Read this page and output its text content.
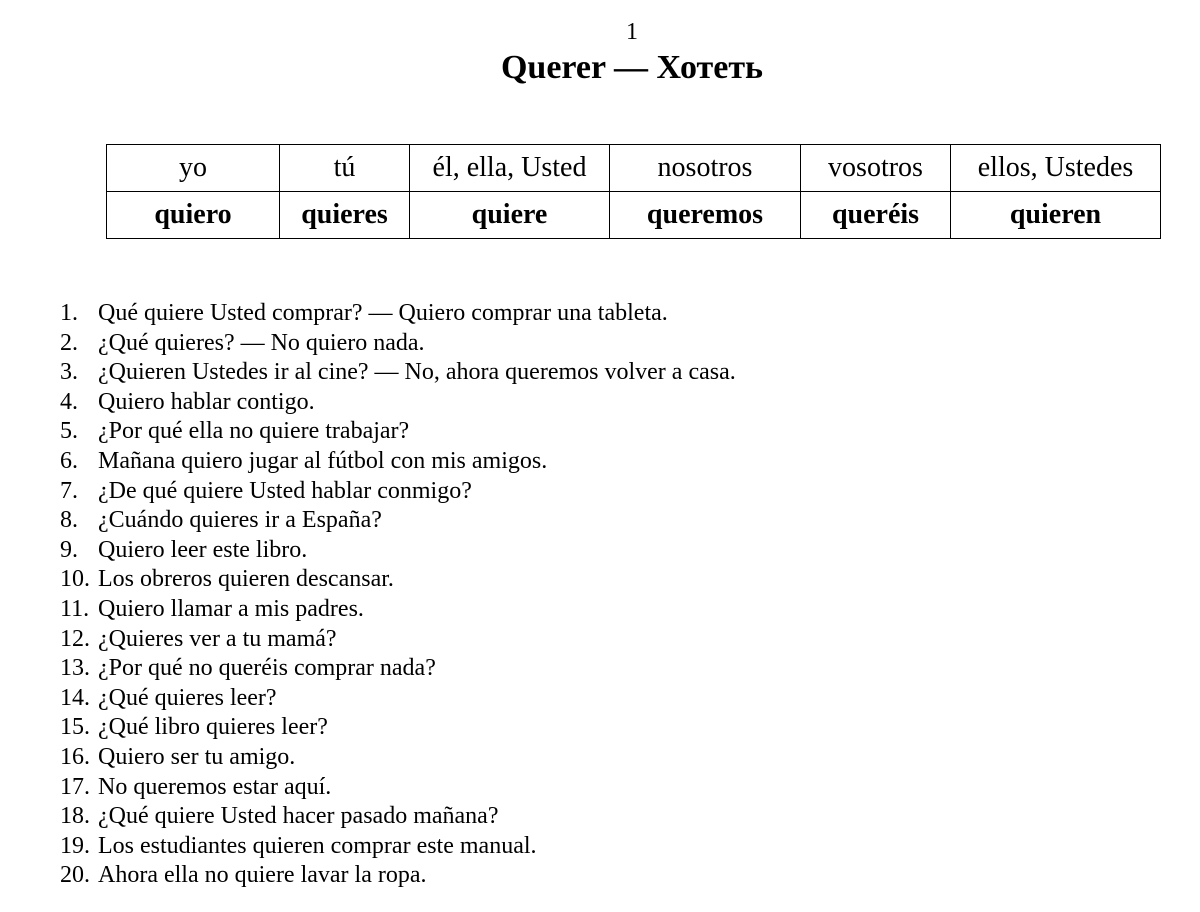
1
Querer — Хотеть
yo	tú	él, ella, Usted	nosotros	vosotros	ellos, Ustedes
quiero	quieres	quiere	queremos	queréis	quieren
1. Qué quiere Usted comprar? — Quiero comprar una tableta.
2. ¿Qué quieres? — No quiero nada.
3. ¿Quieren Ustedes ir al cine? — No, ahora queremos volver a casa.
4. Quiero hablar contigo.
5. ¿Por qué ella no quiere trabajar?
6. Mañana quiero jugar al fútbol con mis amigos.
7. ¿De qué quiere Usted hablar conmigo?
8. ¿Cuándo quieres ir a España?
9. Quiero leer este libro.
10. Los obreros quieren descansar.
11. Quiero llamar a mis padres.
12. ¿Quieres ver a tu mamá?
13. ¿Por qué no queréis comprar nada?
14. ¿Qué quieres leer?
15. ¿Qué libro quieres leer?
16. Quiero ser tu amigo.
17. No queremos estar aquí.
18. ¿Qué quiere Usted hacer pasado mañana?
19. Los estudiantes quieren comprar este manual.
20. Ahora ella no quiere lavar la ropa.
